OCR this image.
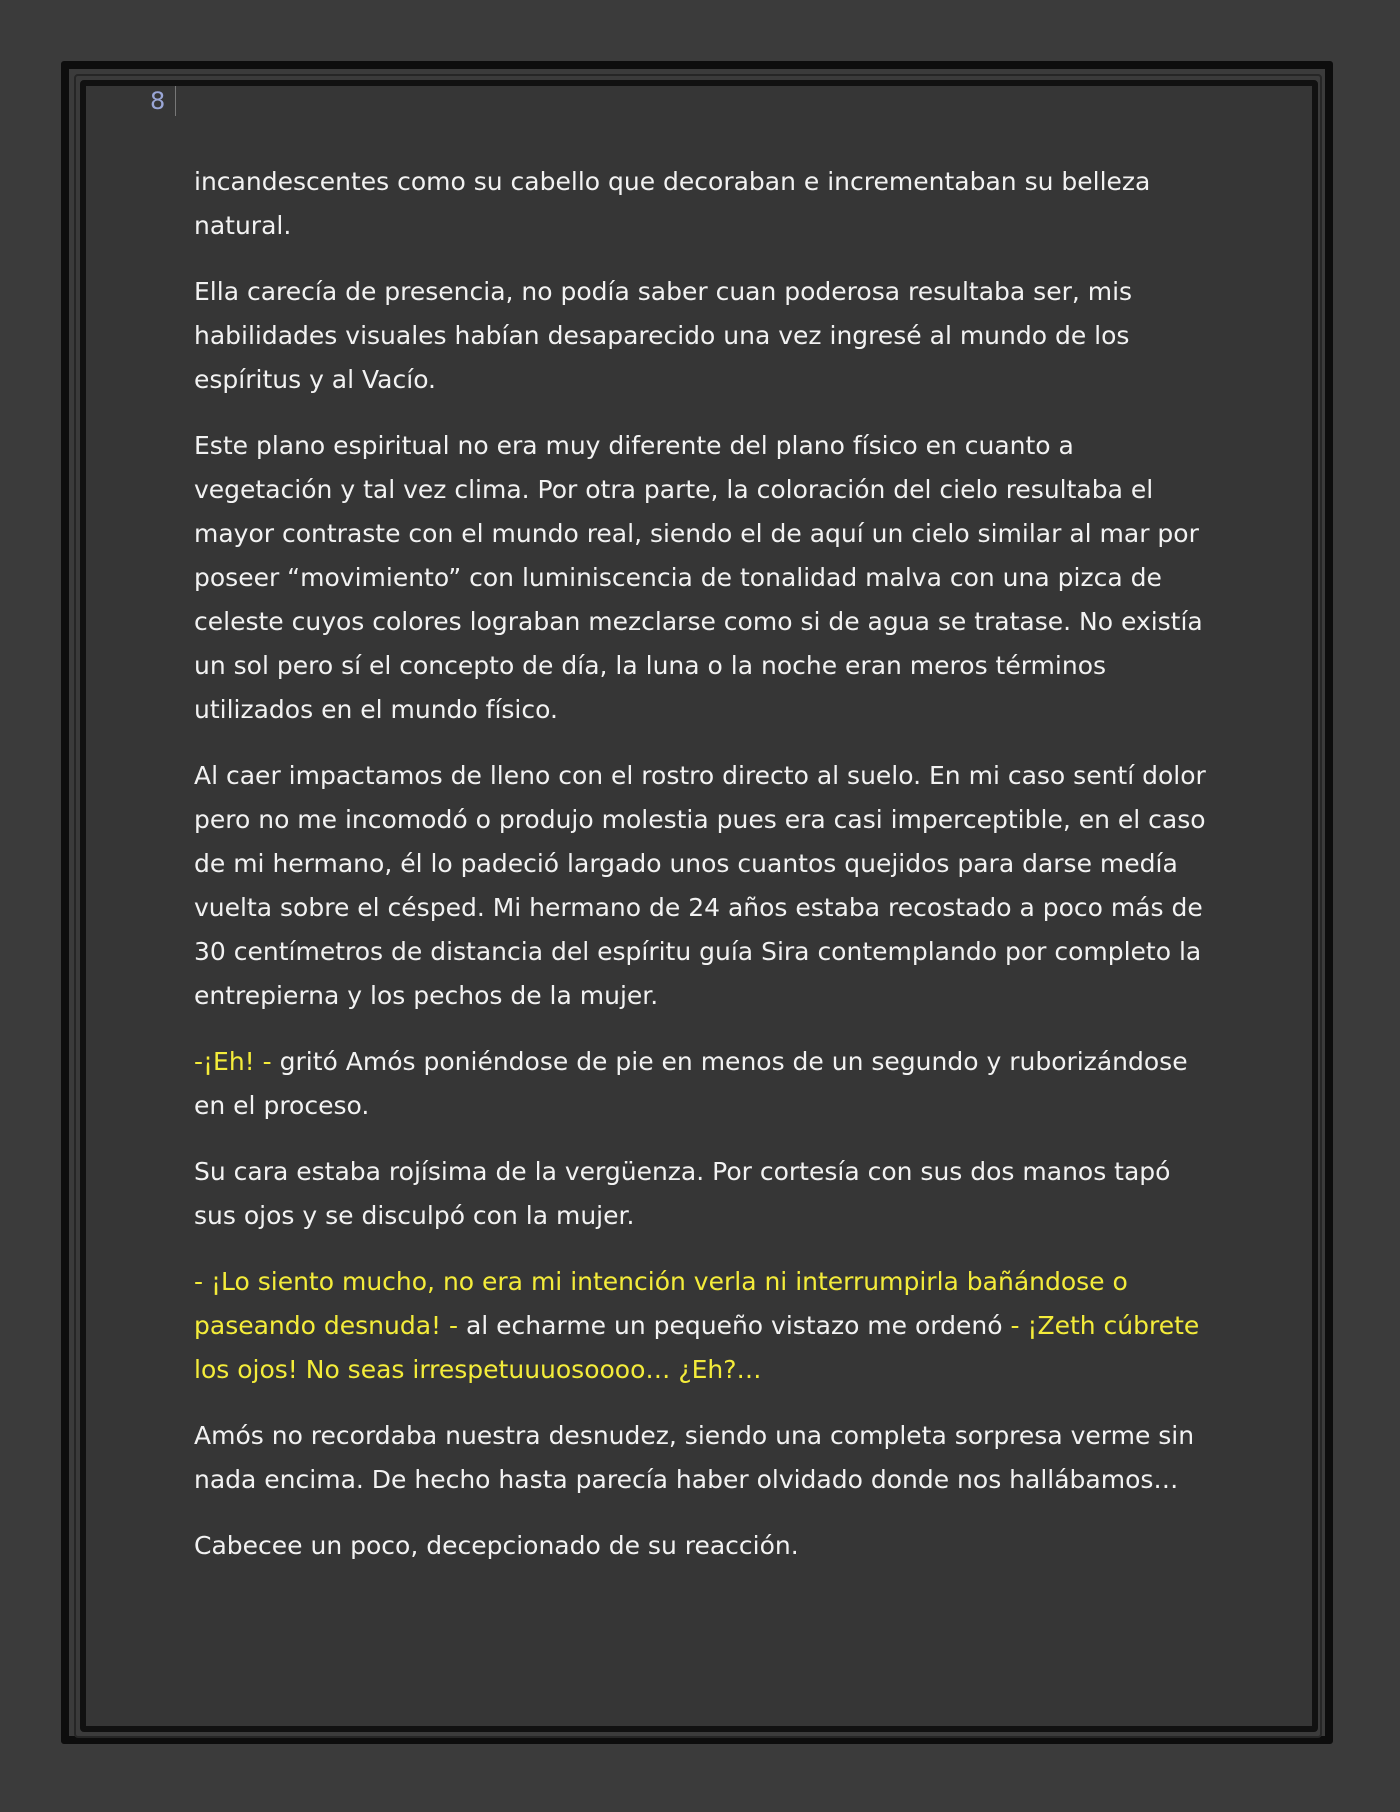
8

incandescentes como su cabello que decoraban e incrementaban su belleza natural.

Ella carecía de presencia, no podía saber cuan poderosa resultaba ser, mis habilidades visuales habían desaparecido una vez ingresé al mundo de los espíritus y al Vacío.

Este plano espiritual no era muy diferente del plano físico en cuanto a vegetación y tal vez clima. Por otra parte, la coloración del cielo resultaba el mayor contraste con el mundo real, siendo el de aquí un cielo similar al mar por poseer “movimiento” con luminiscencia de tonalidad malva con una pizca de celeste cuyos colores lograban mezclarse como si de agua se tratase. No existía un sol pero sí el concepto de día, la luna o la noche eran meros términos utilizados en el mundo físico.

Al caer impactamos de lleno con el rostro directo al suelo. En mi caso sentí dolor pero no me incomodó o produjo molestia pues era casi imperceptible, en el caso de mi hermano, él lo padeció largado unos cuantos quejidos para darse medía vuelta sobre el césped. Mi hermano de 24 años estaba recostado a poco más de 30 centímetros de distancia del espíritu guía Sira contemplando por completo la entrepierna y los pechos de la mujer.

-¡Eh! - gritó Amós poniéndose de pie en menos de un segundo y ruborizándose en el proceso.

Su cara estaba rojísima de la vergüenza. Por cortesía con sus dos manos tapó sus ojos y se disculpó con la mujer.

- ¡Lo siento mucho, no era mi intención verla ni interrumpirla bañándose o paseando desnuda! - al echarme un pequeño vistazo me ordenó - ¡Zeth cúbrete los ojos! No seas irrespetuuuosoooo… ¿Eh?…

Amós no recordaba nuestra desnudez, siendo una completa sorpresa verme sin nada encima. De hecho hasta parecía haber olvidado donde nos hallábamos…

Cabecee un poco, decepcionado de su reacción.
